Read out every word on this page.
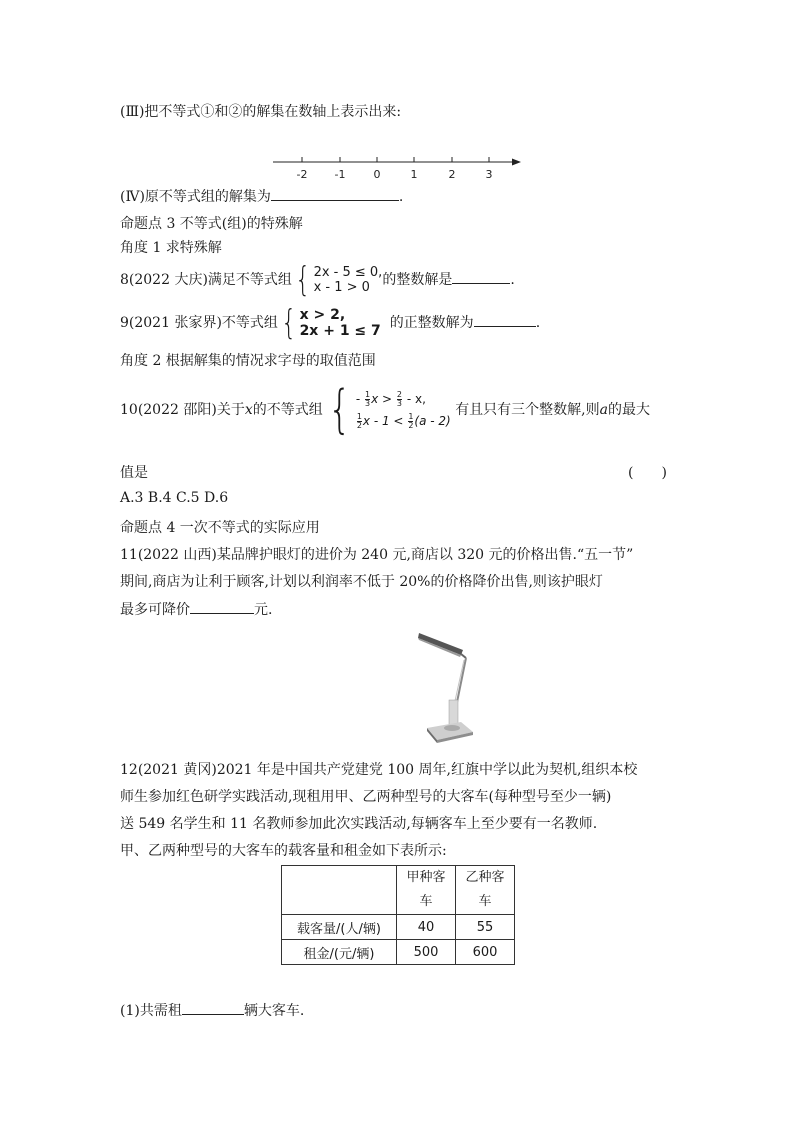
(Ⅲ)把不等式①和②的解集在数轴上表示出来:
-2 -1	0	1	2	3
(Ⅳ)原不等式组的解集为	.
命题点 3 不等式(组)的特殊解
角度 1 求特殊解
8(2022 大庆)满足不等式组 { 2x - 5 ≤ 0,
x - 1 > 0 的整数解是	.
9(2021 张家界)不等式组 { x > 2,
2x + 1 ≤ 7 的正整数解为	.
角度 2 根据解集的情况求字母的取值范围
10(2022 邵阳)关于x的不等式组 { - $\frac{1}{3}$ $x > \frac{2}{3} - x$,
$\frac{1}{2}$ $x - 1 < \frac{1}{2} (a - 2)$
有且只有三个整数解,则a的最大
值是	(　　)
A.3 B.4 C.5 D.6
命题点 4 一次不等式的实际应用
11(2022 山西)某品牌护眼灯的进价为 240 元,商店以 320 元的价格出售.“五一节”
期间,商店为让利于顾客,计划以利润率不低于 20%的价格降价出售,则该护眼灯
最多可降价	元.
12(2021 黄冈)2021 年是中国共产党建党 100 周年,红旗中学以此为契机,组织本校
师生参加红色研学实践活动,现租用甲、乙两种型号的大客车(每种型号至少一辆)
送 549 名学生和 11 名教师参加此次实践活动,每辆客车上至少要有一名教师.
甲、乙两种型号的大客车的载客量和租金如下表所示:
	甲种客
车	乙种客
车
载客量/(人/辆)	40	55
租金/(元/辆)	500	600
(1)共需租	辆大客车.
